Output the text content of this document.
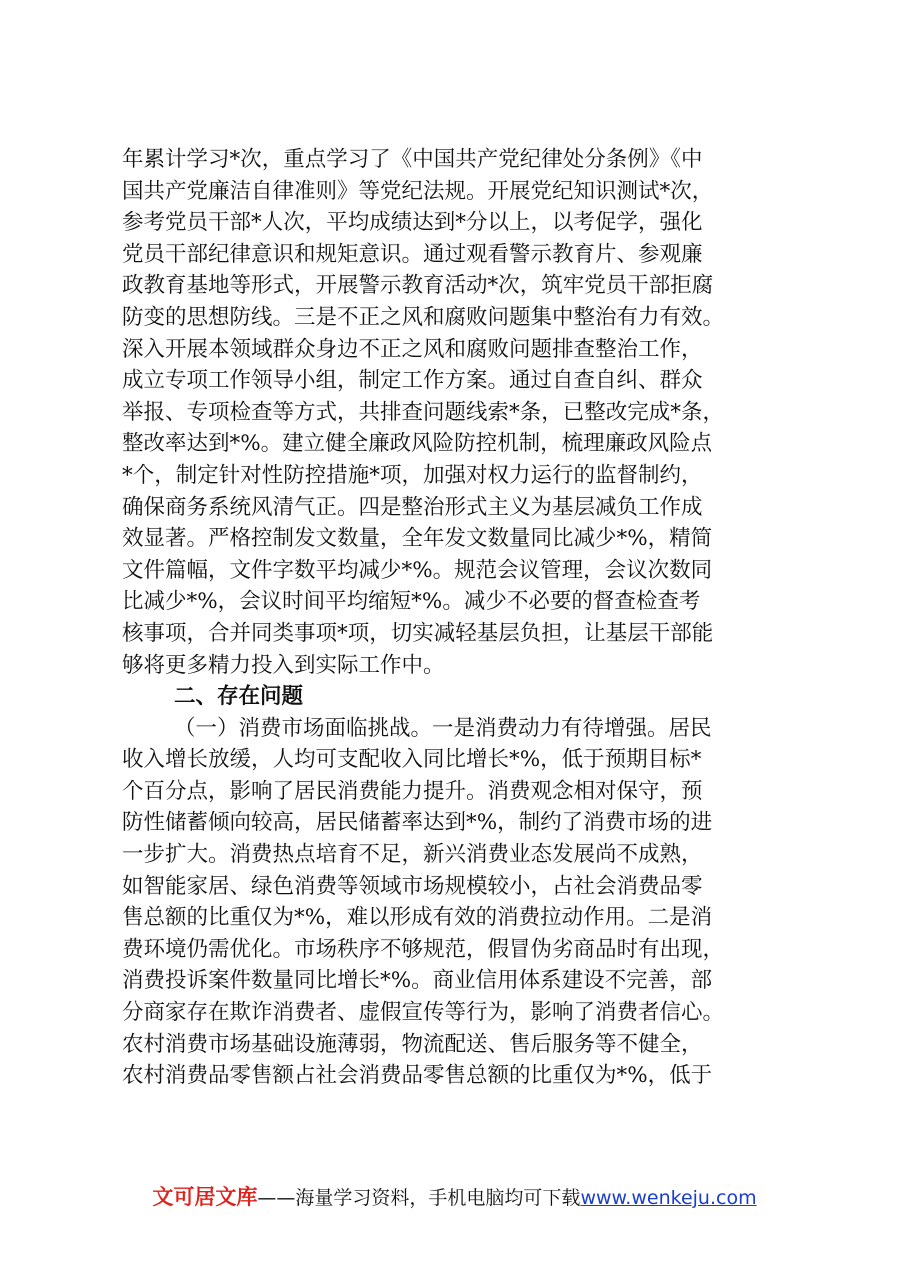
年累计学习*次，重点学习了《中国共产党纪律处分条例》《中
国共产党廉洁自律准则》等党纪法规。开展党纪知识测试*次，
参考党员干部*人次，平均成绩达到*分以上，以考促学，强化
党员干部纪律意识和规矩意识。通过观看警示教育片、参观廉
政教育基地等形式，开展警示教育活动*次，筑牢党员干部拒腐
防变的思想防线。三是不正之风和腐败问题集中整治有力有效。
深入开展本领域群众身边不正之风和腐败问题排查整治工作，
成立专项工作领导小组，制定工作方案。通过自查自纠、群众
举报、专项检查等方式，共排查问题线索*条，已整改完成*条，
整改率达到*%。建立健全廉政风险防控机制，梳理廉政风险点
*个，制定针对性防控措施*项，加强对权力运行的监督制约，
确保商务系统风清气正。四是整治形式主义为基层减负工作成
效显著。严格控制发文数量，全年发文数量同比减少*%，精简
文件篇幅，文件字数平均减少*%。规范会议管理，会议次数同
比减少*%，会议时间平均缩短*%。减少不必要的督查检查考
核事项，合并同类事项*项，切实减轻基层负担，让基层干部能
够将更多精力投入到实际工作中。
二、存在问题
（一）消费市场面临挑战。一是消费动力有待增强。居民
收入增长放缓，人均可支配收入同比增长*%，低于预期目标*
个百分点，影响了居民消费能力提升。消费观念相对保守，预
防性储蓄倾向较高，居民储蓄率达到*%，制约了消费市场的进
一步扩大。消费热点培育不足，新兴消费业态发展尚不成熟，
如智能家居、绿色消费等领域市场规模较小，占社会消费品零
售总额的比重仅为*%，难以形成有效的消费拉动作用。二是消
费环境仍需优化。市场秩序不够规范，假冒伪劣商品时有出现，
消费投诉案件数量同比增长*%。商业信用体系建设不完善，部
分商家存在欺诈消费者、虚假宣传等行为，影响了消费者信心。
农村消费市场基础设施薄弱，物流配送、售后服务等不健全，
农村消费品零售额占社会消费品零售总额的比重仅为*%，低于
文可居文库——海量学习资料，手机电脑均可下载www.wenkeju.com
